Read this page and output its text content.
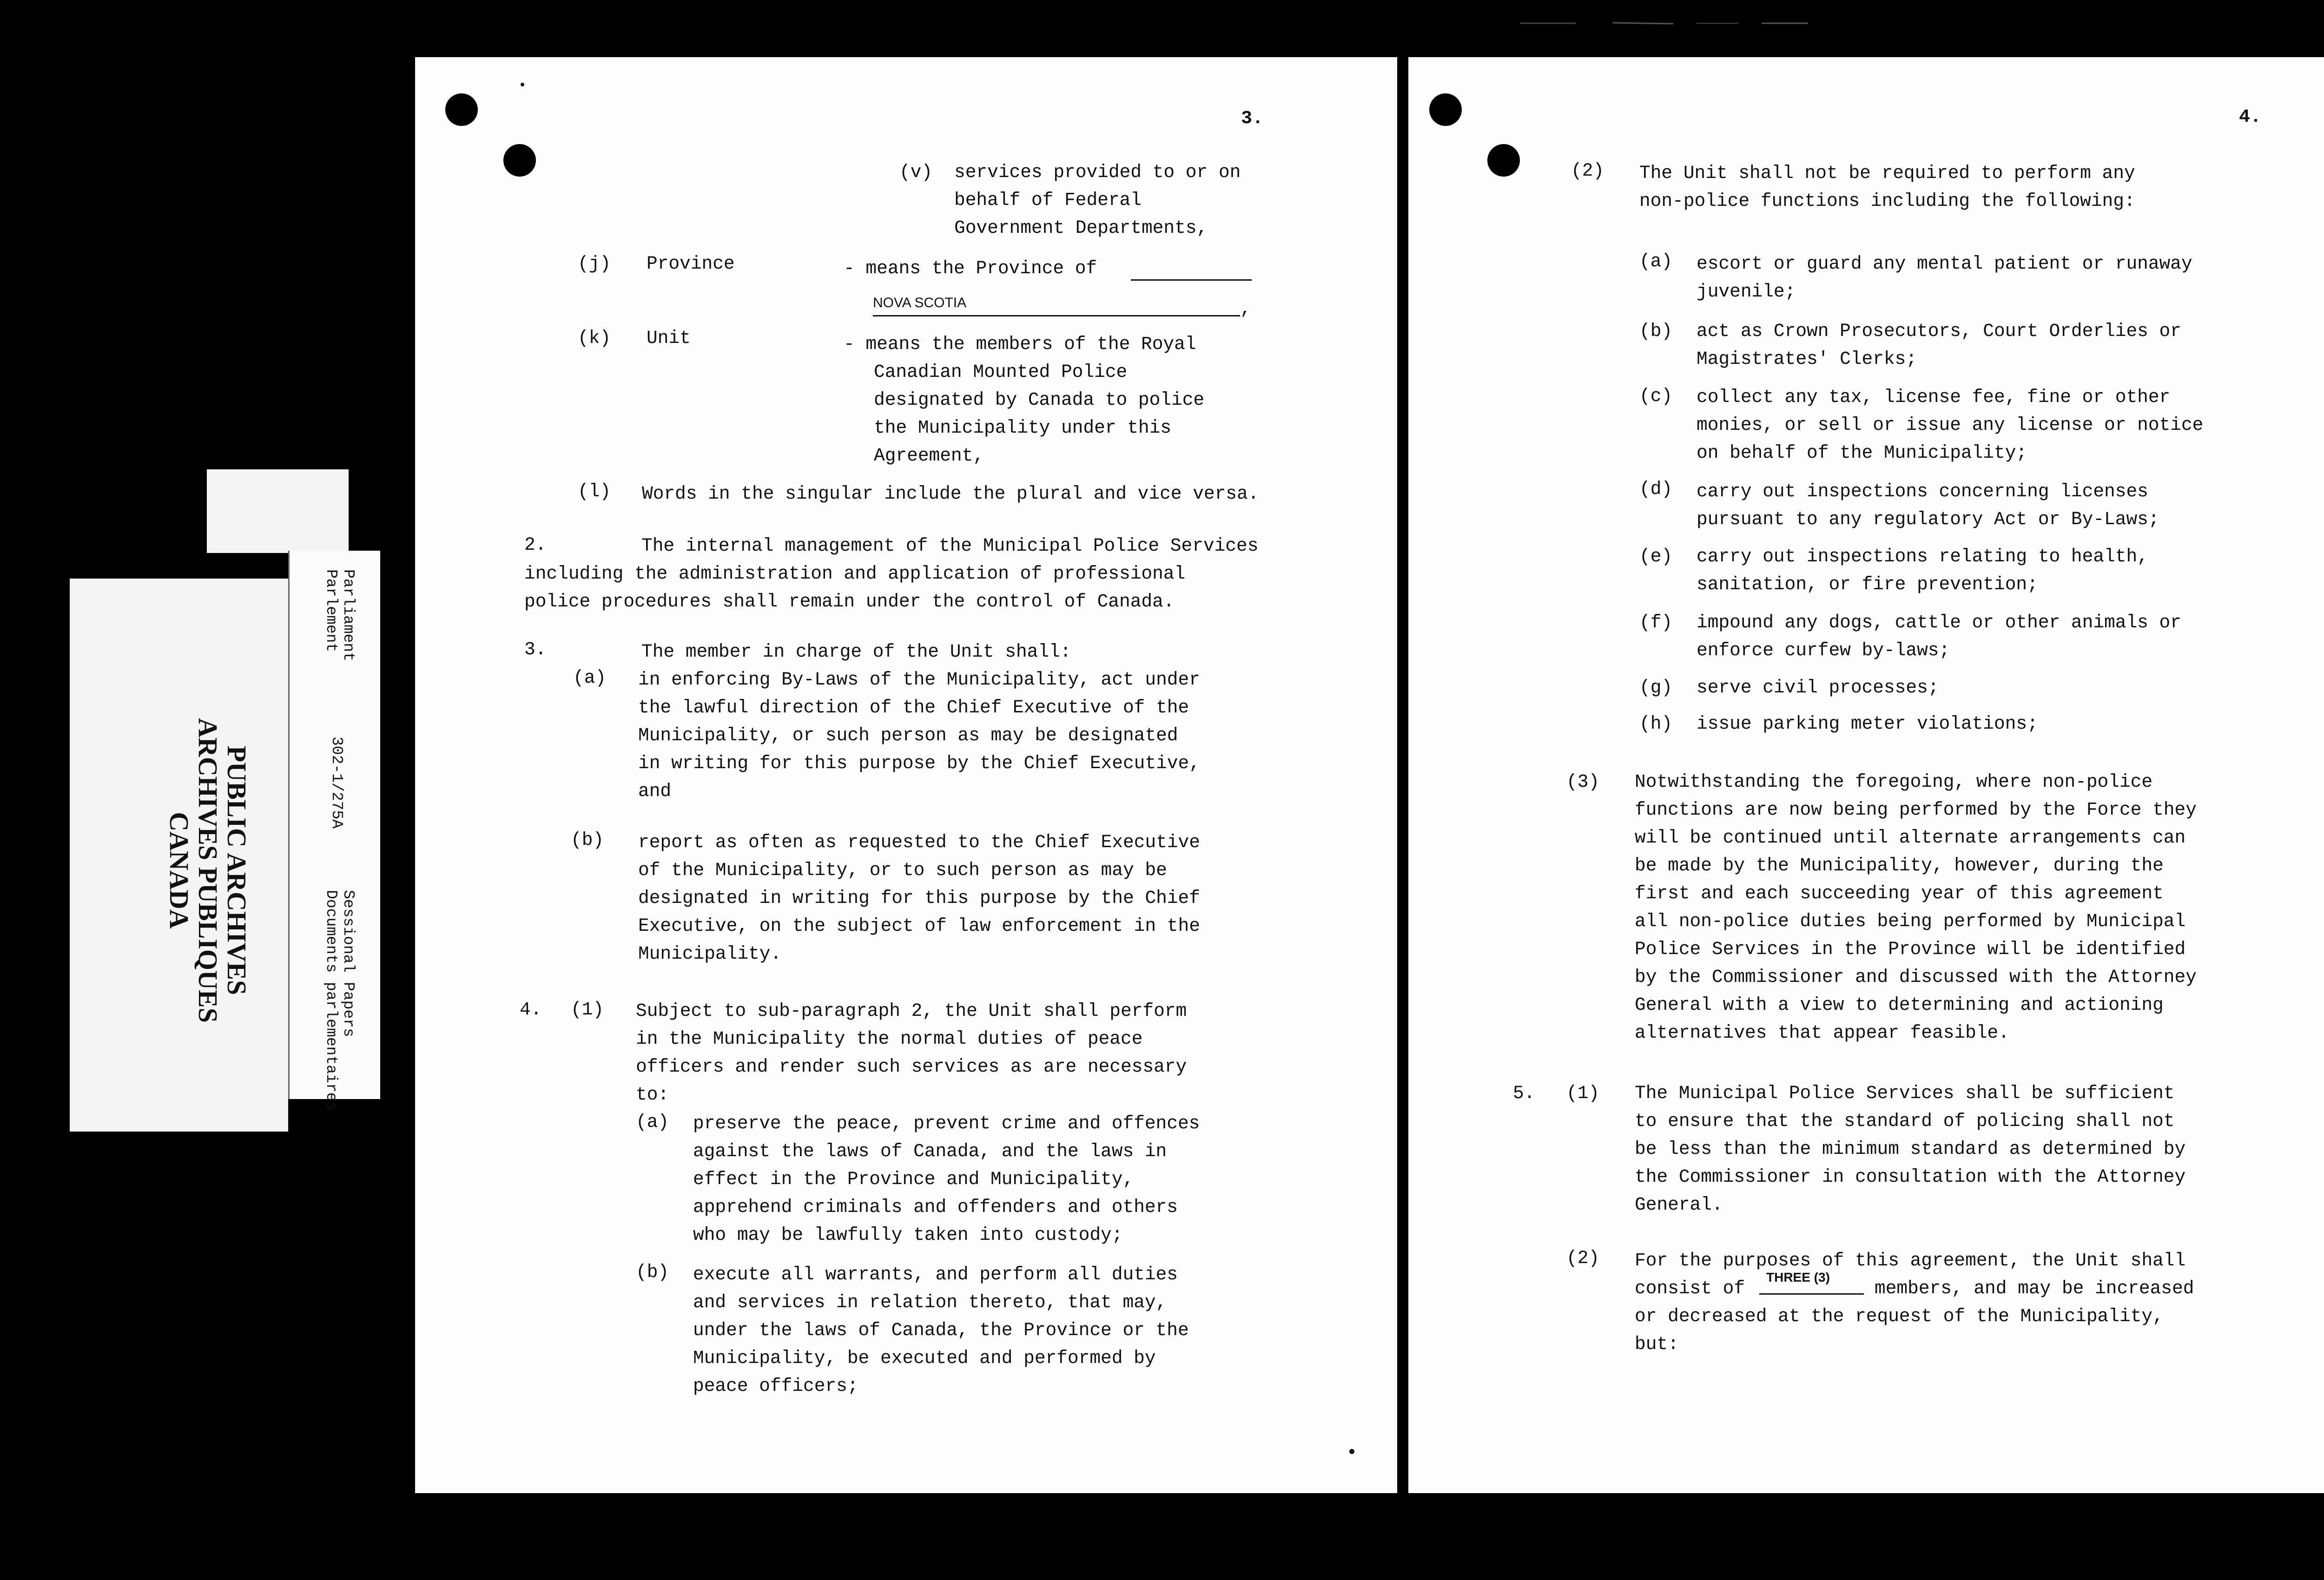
PUBLIC ARCHIVES
ARCHIVES PUBLIQUES
CANADA
Parliament
Parlement
302-1/275A
Sessional Papers
Documents parlementaires
3.
(v) services provided to or on
behalf of Federal
Government Departments,
(j) Province	- means the Province of
NOVA SCOTIA	,
(k) Unit	- means the members of the Royal
Canadian Mounted Police
designated by Canada to police
the Municipality under this
Agreement,
(l) Words in the singular include the plural and vice versa.
2.	The internal management of the Municipal Police Services
including the administration and application of professional
police procedures shall remain under the control of Canada.
3.	The member in charge of the Unit shall:
(a) in enforcing By-Laws of the Municipality, act under
the lawful direction of the Chief Executive of the
Municipality, or such person as may be designated
in writing for this purpose by the Chief Executive,
and
(b) report as often as requested to the Chief Executive
of the Municipality, or to such person as may be
designated in writing for this purpose by the Chief
Executive, on the subject of law enforcement in the
Municipality.
4. (1) Subject to sub-paragraph 2, the Unit shall perform
in the Municipality the normal duties of peace
officers and render such services as are necessary
to:
(a) preserve the peace, prevent crime and offences
against the laws of Canada, and the laws in
effect in the Province and Municipality,
apprehend criminals and offenders and others
who may be lawfully taken into custody;
(b) execute all warrants, and perform all duties
and services in relation thereto, that may,
under the laws of Canada, the Province or the
Municipality, be executed and performed by
peace officers;
4.
(2) The Unit shall not be required to perform any
non-police functions including the following:
(a) escort or guard any mental patient or runaway
juvenile;
(b) act as Crown Prosecutors, Court Orderlies or
Magistrates' Clerks;
(c) collect any tax, license fee, fine or other
monies, or sell or issue any license or notice
on behalf of the Municipality;
(d) carry out inspections concerning licenses
pursuant to any regulatory Act or By-Laws;
(e) carry out inspections relating to health,
sanitation, or fire prevention;
(f) impound any dogs, cattle or other animals or
enforce curfew by-laws;
(g) serve civil processes;
(h) issue parking meter violations;
(3) Notwithstanding the foregoing, where non-police
functions are now being performed by the Force they
will be continued until alternate arrangements can
be made by the Municipality, however, during the
first and each succeeding year of this agreement
all non-police duties being performed by Municipal
Police Services in the Province will be identified
by the Commissioner and discussed with the Attorney
General with a view to determining and actioning
alternatives that appear feasible.
5. (1) The Municipal Police Services shall be sufficient
to ensure that the standard of policing shall not
be less than the minimum standard as determined by
the Commissioner in consultation with the Attorney
General.
(2) For the purposes of this agreement, the Unit shall
consist of
THREE (3)
members, and may be increased
or decreased at the request of the Municipality,
but:
